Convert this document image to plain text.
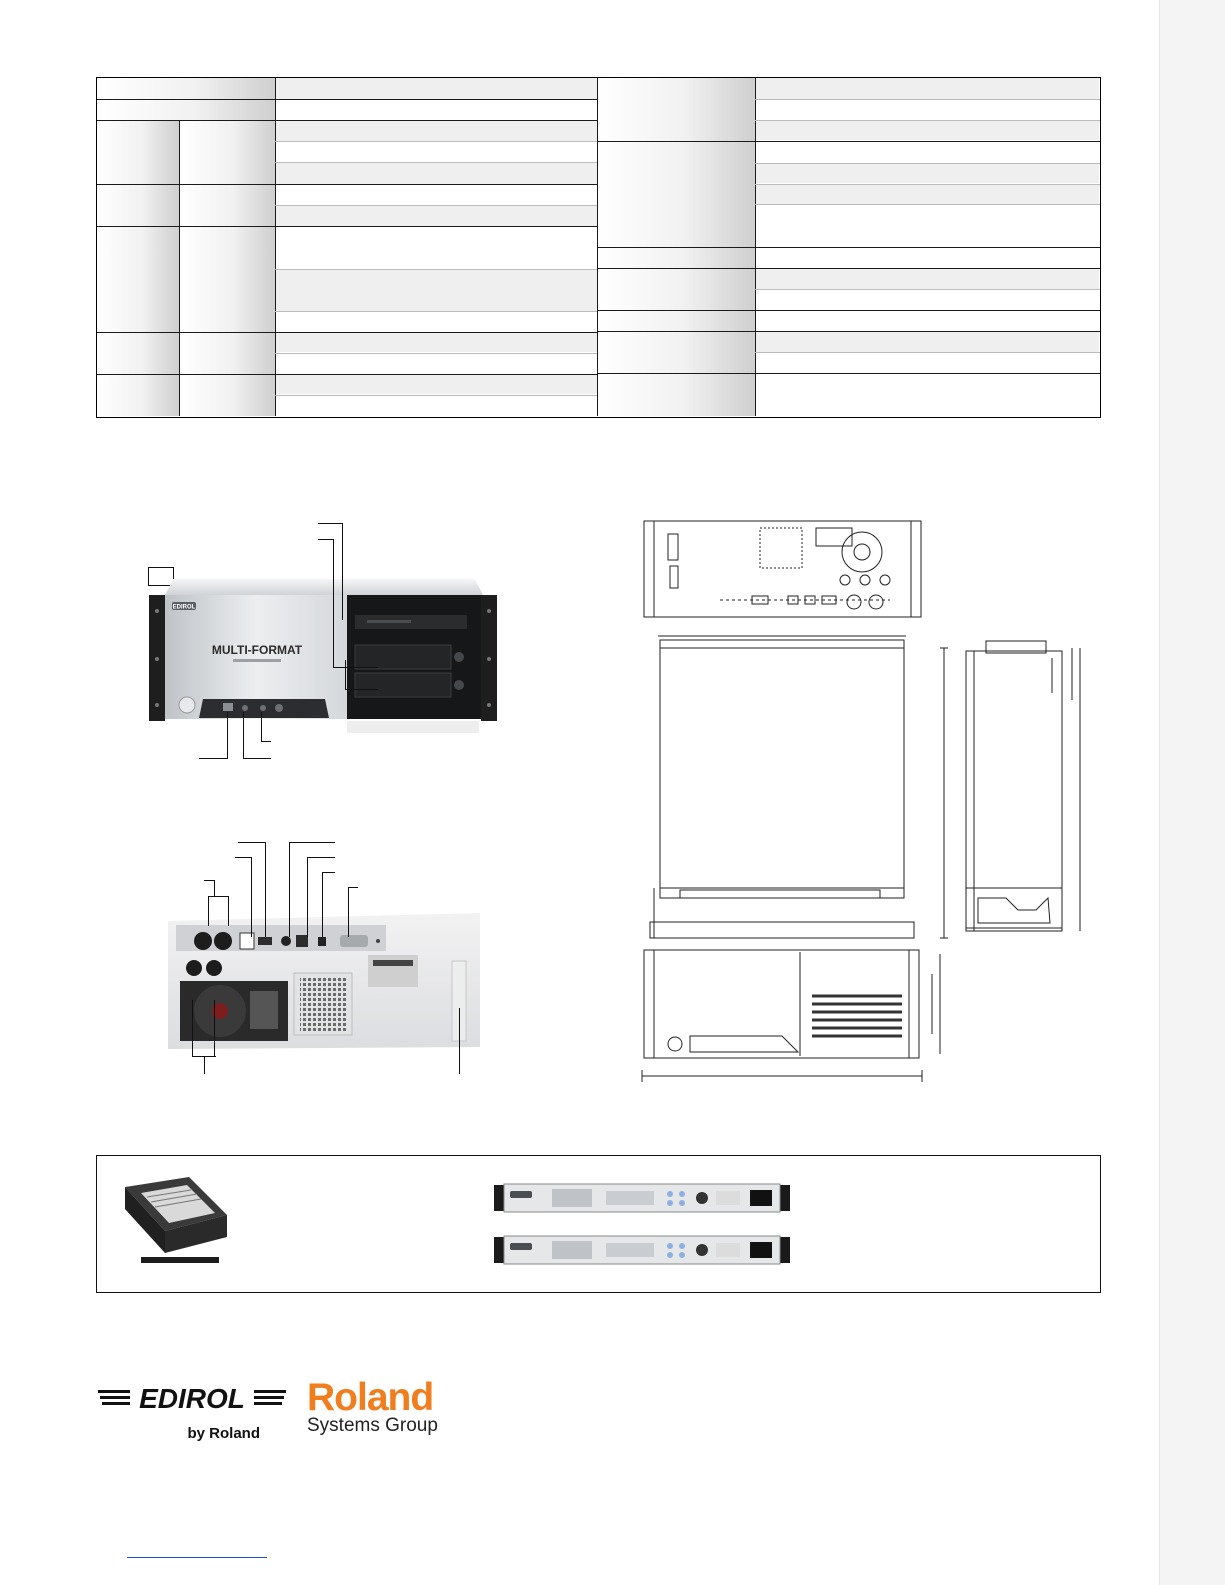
EDIROL
MULTI-FORMAT
EDIROL
by Roland
Roland
Systems Group
